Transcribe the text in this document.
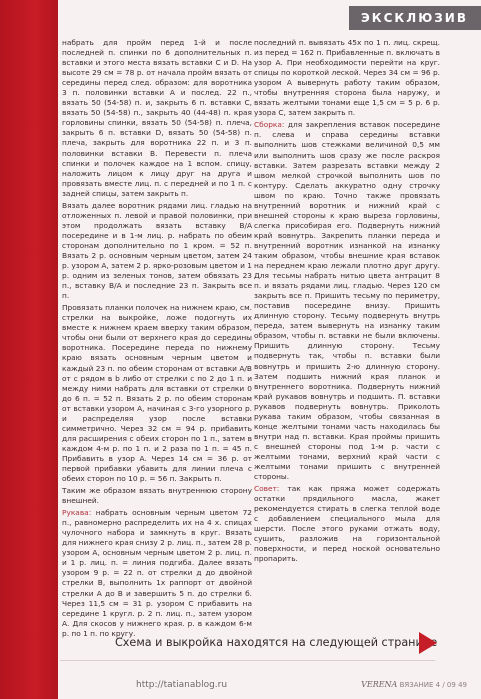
ЭКСКЛЮЗИВ

набрать для пройм перед 1-й и после последней п. спинки по 6 дополнительных п. вставки и этого места вязать вставки С и D. На высоте 29 см = 78 р. от начала пройм вязать от середины перед след. образом: для воротника 3 п. половинки вставки А и послед. 22 п., вязать 50 (54-58) п. и, закрыть 6 п. вставки С, вязать 50 (54-58) п., закрыть 40 (44-48) п. края горловины спинки, вязать 50 (54-58) п. плеча, закрыть 6 п. вставки D, вязать 50 (54-58) п. плеча, закрыть для воротника 22 п. и 3 п. половинки вставки В. Перевести п. плеча спинки и полочек каждое на 1 вспом. спицу, наложить лицом к лицу друг на друга и провязать вместе лиц. п. с передней и по 1 п. с задней спицы, затем закрыть п.

Вязать далее воротник рядами лиц. гладью на отложенных п. левой и правой половинки, при этом продолжать вязать вставку В/А посередине и в 1-м лиц. р. набрать по обеим сторонам дополнительно по 1 кром. = 52 п. Вязать 2 р. основным черным цветом, затем 24 р. узором А, затем 2 р. ярко-розовым цветом и 1 р. одним из зеленых тонов, затем обвязать 23 п., вставку В/А и последние 23 п. Закрыть все п.

Провязать планки полочек на нижнем краю, см. стрелки на выкройке, ложе подогнуть их вместе к нижнем краем вверху таким образом, чтобы они были от верхнего края до середины воротника. Посередине переда по нижнему краю вязать основным черным цветом и каждый 23 п. по обеим сторонам от вставки А/В от с рядом в b либо от стрелки с по 2 до 1 п. и между ними набрать для вставки от стрелки 0 до 6 п. = 52 п. Вязать 2 р. по обеим сторонам от вставки узором А, начиная с 3-го узорного р. и распределяя узор после вставки симметрично. Через 32 см = 94 р. прибавить для расширения с обеих сторон по 1 п., затем в каждом 4-м р. по 1 п. и 2 раза по 1 п. = 45 п. Прибавить в узор А. Через 14 см = 36 р. от первой прибавки убавить для линии плеча с обеих сторон по 10 р. = 56 п. Закрыть п.

Таким же образом вязать внутреннюю сторону внешней.

Рукава: набрать основным черным цветом 72 п., равномерно распределить их на 4 х. спицах чулочного набора и замкнуть в круг. Вязать для нижнего края снизу 2 р. лиц. п., затем 28 р. узором А, основным черным цветом 2 р. лиц. п. и 1 р. лиц. п. = линия подгиба. Далее вязать узором 9 р. = 22 п. от стрелки д до двойной стрелки В, выполнить 1х раппорт от двойной стрелки А до В и завершить 5 п. до стрелки б. Через 11,5 см = 31 р. узором С прибавить на середине 1 кругл. р. 2 п. лиц. п., затем узором А. Для скосов у нижнего края. р. в каждом 6-м р. по 1 п. по кругу.

последний п. вывязать 45х по 1 п. лиц. скрещ. из перед = 162 п. Прибавленные п. включать в узор А. При необходимости перейти на круг. спицы по короткой леской. Через 34 см = 96 р. узором А вывернуть работу таким образом, чтобы внутренняя сторона была наружу, и вязать желтыми тонами еще 1,5 см = 5 р. 6 р. узора С, затем закрыть п.

Сборка: для закрепления вставок посередине п. слева и справа середины вставки выполнить шов стежками величиной 0,5 мм или выполнить шов сразу же после раскроя вставки. Затем разрезать вставки между 2 швом мелкой строчкой выполнить шов по контуру. Сделать аккуратно одну строчку швом по краю. Точно также провязать внутренний воротник и нижний край с внешней стороны к краю выреза горловины, слегка присобирая его. Подвернуть нижний край вовнутрь. Закрепить планки переда и внутренний воротник изнанкой на изнанку таким образом, чтобы внешние края вставок на переднем краю лежали плотно друг другу. Для тесьмы набрать нитью цвета антрацит 8 п. и вязать рядами лиц. гладью. Через 120 см закрыть все п. Пришить тесьму по периметру, поставив посередине внизу. Пришить длинную сторону. Тесьму подвернуть внутрь переда, затем вывернуть на изнанку таким образом, чтобы п. вставки не были включены. Пришить длинную сторону. Тесьму подвернуть так, чтобы п. вставки были вовнутрь и пришить 2-ю длинную сторону. Затем подшить нижний края планок и внутреннего воротника. Подвернуть нижний край рукавов вовнутрь и подшить. П. вставки рукавов подвернуть вовнутрь. Приколоть рукава таким образом, чтобы связанная в конце желтыми тонами часть находилась бы внутри над п. вставки. Края проймы пришить с внешней стороны под 1-м р. части с желтыми тонами, верхний край части с желтыми тонами пришить с внутренней стороны.

Совет: так как пряжа может содержать остатки прядильного масла, жакет рекомендуется стирать в слегка теплой воде с добавлением специального мыла для шерсти. После этого руками отжать воду, сушить, разложив на горизонтальной поверхности, и перед ноской основательно пропарить.

Схема и выкройка находятся на следующей странице
http://tatianablog.ru	VERENA ВЯЗАНИЕ 4 / 09 49
